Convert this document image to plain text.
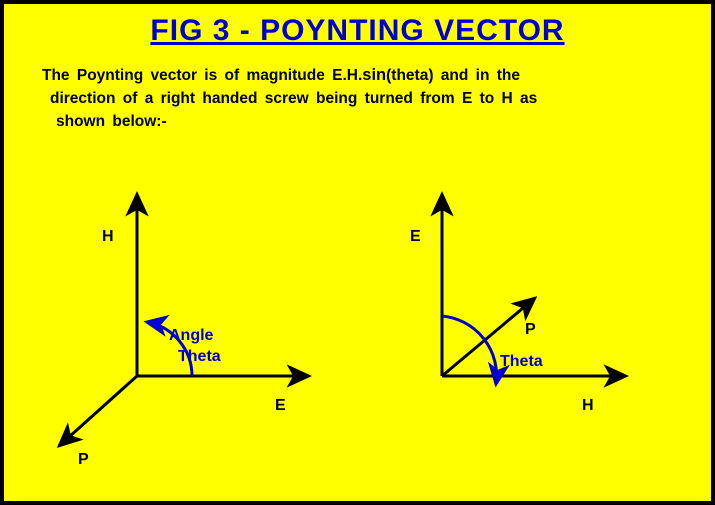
FIG 3 - POYNTING VECTOR
The Poynting vector is of magnitude E.H.sin(theta) and in the
direction of a right handed screw being turned from E to H as
shown below:-
H
E
P
Angle
Theta
E
H
P
Theta
